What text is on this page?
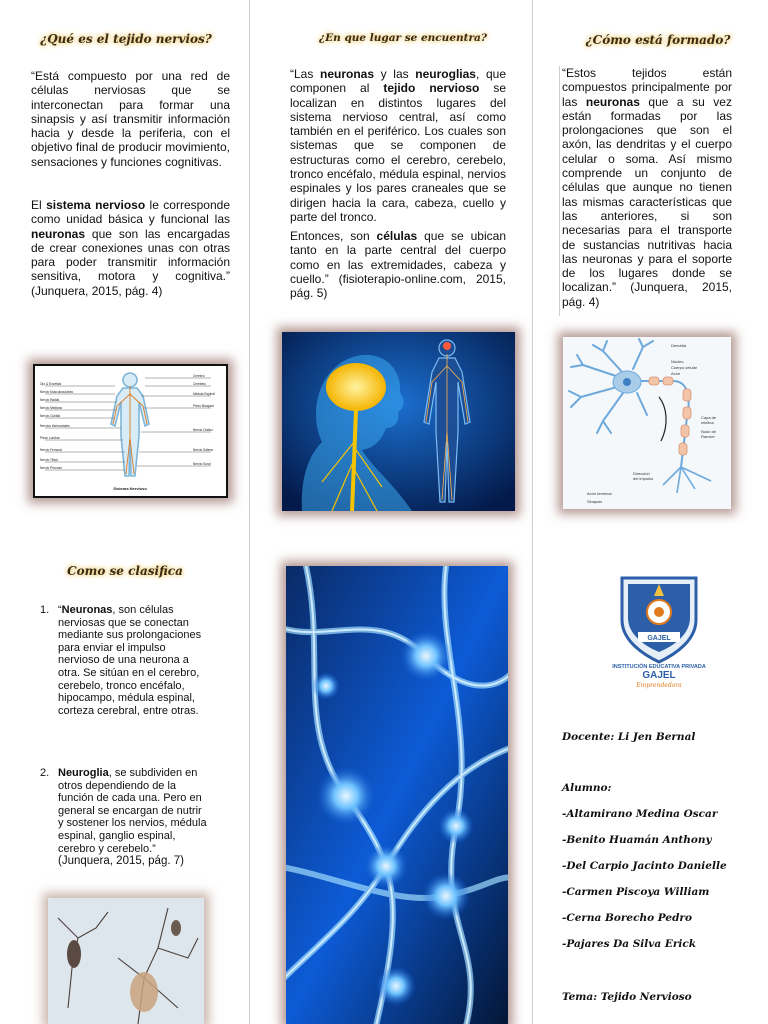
¿Qué es el tejido nervios?

“Está compuesto por una red de células nerviosas que se interconectan para formar una sinapsis y así transmitir información hacia y desde la periferia, con el objetivo final de producir movimiento, sensaciones y funciones cognitivas.

El sistema nervioso le corresponde como unidad básica y funcional las neuronas que son las encargadas de crear conexiones unas con otras para poder transmitir información sensitiva, motora y cognitiva.” (Junquera, 2015, pág. 4)

Ojo & Encéfalo
Nervio Musculocutáneo
Nervio Radial
Nervio Mediano
Nervio Cubital
Nervios Intercostales
Plexo Lumbar
Nervio Femoral
Nervio Tibial
Nervio Peroneo
Cerebro
Cerebelo
Médula Espinal
Plexo Braquial
Nervio Ciático
Nervio Safeno
Nervio Sural
Sistema Nervioso
¿En que lugar se encuentra?

“Las neuronas y las neuroglias, que componen al tejido nervioso se localizan en distintos lugares del sistema nervioso central, así como también en el periférico. Los cuales son sistemas que se componen de estructuras como el cerebro, cerebelo, tronco encéfalo, médula espinal, nervios espinales y los pares craneales que se dirigen hacia la cara, cabeza, cuello y parte del tronco.

Entonces, son células que se ubican tanto en la parte central del cuerpo como en las extremidades, cabeza y cuello.” (fisioterapio-online.com, 2015, pág. 5)

¿Cómo está formado?

“Estos tejidos están compuestos principalmente por las neuronas que a su vez están formadas por las prolongaciones que son el axón, las dendritas y el cuerpo celular o soma. Así mismo comprende un conjunto de células que aunque no tienen las mismas características que las anteriores, si son necesarias para el transporte de sustancias nutritivas hacia las neuronas y para el soporte de los lugares donde se localizan.” (Junquera, 2015, pág. 4)

Dendrita
Núcleo
Cuerpo celular
Axón
Capa de
mielina
Nodo de
Ranvier
Dirección
del impulso
Axón terminal
Sinapsis
Como se clasifica
1. “Neuronas, son células nerviosas que se conectan mediante sus prolongaciones para enviar el impulso nervioso de una neurona a otra. Se sitúan en el cerebro, cerebelo, tronco encéfalo, hipocampo, médula espinal, corteza cerebral, entre otras.
2. Neuroglia, se subdividen en otros dependiendo de la función de cada una. Pero en general se encargan de nutrir y sostener los nervios, médula espinal, ganglio espinal, cerebro y cerebelo.”
(Junquera, 2015, pág. 7)
GAJEL
INSTITUCIÓN EDUCATIVA PRIVADA
GAJEL
Emprendedora
Docente: Li Jen Bernal
Alumno:
-Altamirano Medina Oscar
-Benito Huamán Anthony
-Del Carpio Jacinto Danielle
-Carmen Piscoya William
-Cerna Borecho Pedro
-Pajares Da Silva Erick
Tema: Tejido Nervioso
